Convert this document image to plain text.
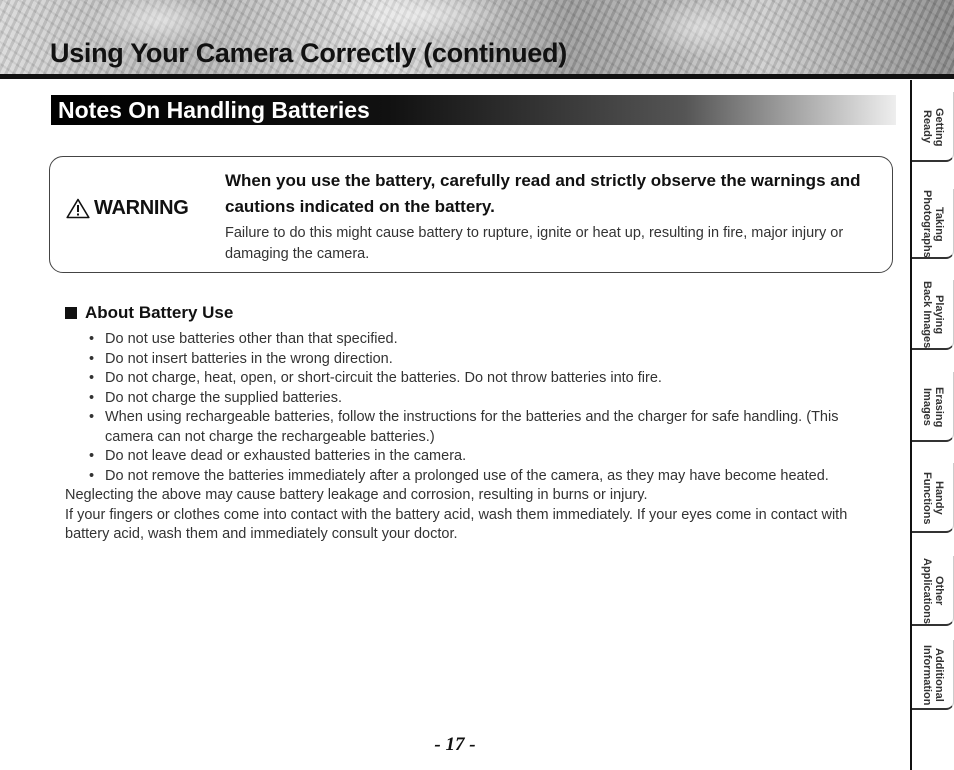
Using Your Camera Correctly (continued)
Notes On Handling Batteries
WARNING

When you use the battery, carefully read and strictly observe the warnings and cautions indicated on the battery.

Failure to do this might cause battery to rupture, ignite or heat up, resulting in fire, major injury or damaging the camera.

About Battery Use
• Do not use batteries other than that specified.
• Do not insert batteries in the wrong direction.
• Do not charge, heat, open, or short-circuit the batteries. Do not throw batteries into fire.
• Do not charge the supplied batteries.
• When using rechargeable batteries, follow the instructions for the batteries and the charger for safe handling. (This camera can not charge the rechargeable batteries.)
• Do not leave dead or exhausted batteries in the camera.
• Do not remove the batteries immediately after a prolonged use of the camera, as they may have become heated.

Neglecting the above may cause battery leakage and corrosion, resulting in burns or injury.

If your fingers or clothes come into contact with the battery acid, wash them immediately. If your eyes come in contact with battery acid, wash them and immediately consult your doctor.

- 17 -
Getting
Ready
Taking
Photographs
Playing
Back Images
Erasing
Images
Handy
Functions
Other
Applications
Additional
Information
